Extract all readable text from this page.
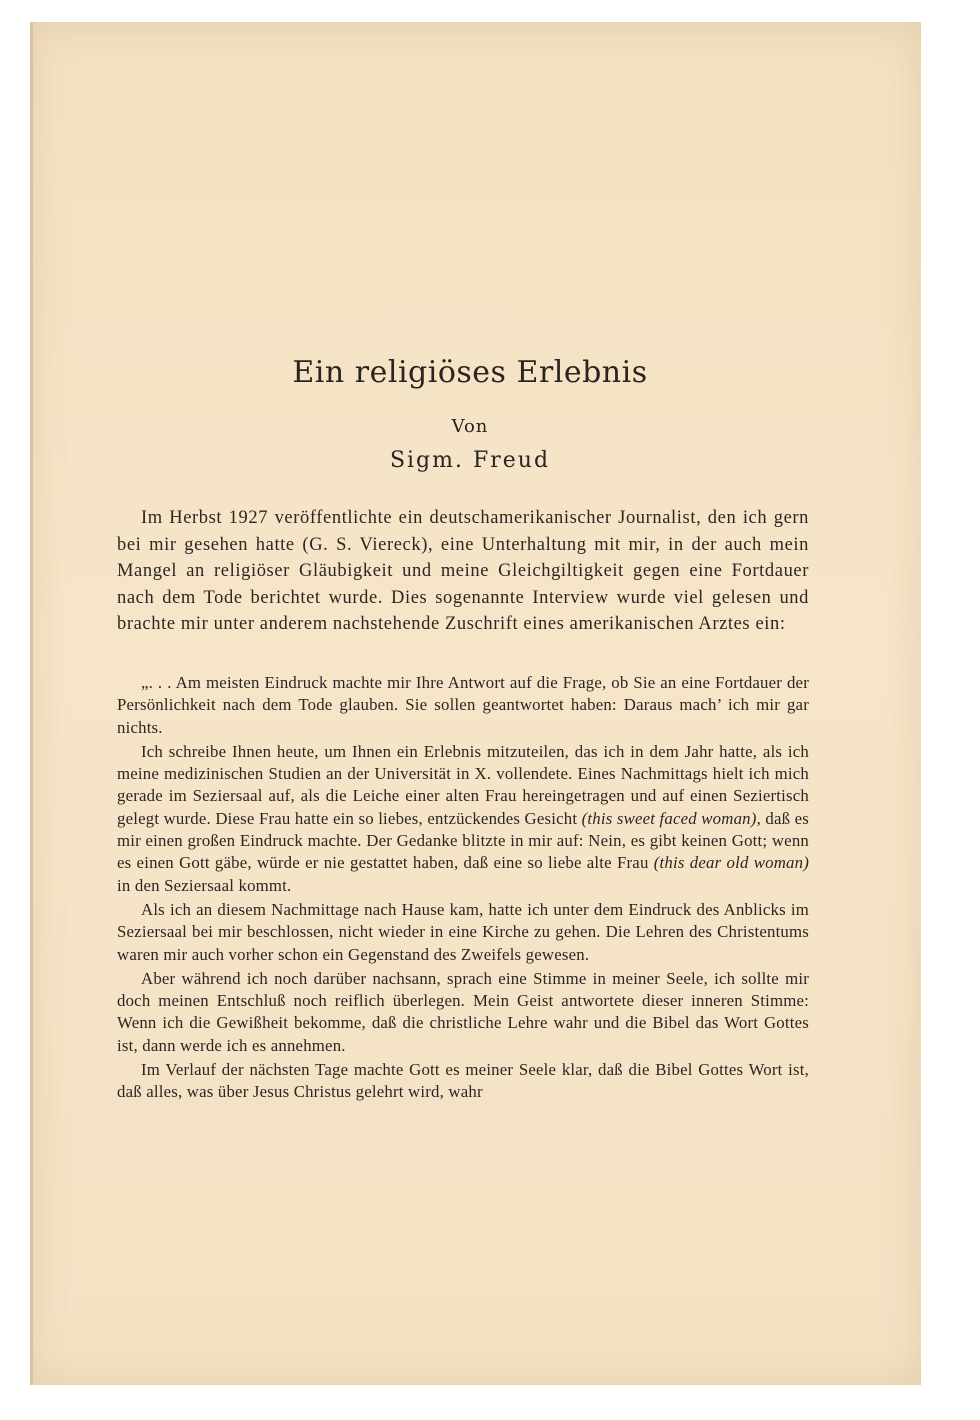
Ein religiöses Erlebnis
Von
Sigm. Freud

Im Herbst 1927 veröffentlichte ein deutschamerikanischer Journalist, den ich gern bei mir gesehen hatte (G. S. Viereck), eine Unterhaltung mit mir, in der auch mein Mangel an religiöser Gläubigkeit und meine Gleichgiltigkeit gegen eine Fortdauer nach dem Tode berichtet wurde. Dies sogenannte Interview wurde viel gelesen und brachte mir unter anderem nachstehende Zuschrift eines amerikanischen Arztes ein:

„. . . Am meisten Eindruck machte mir Ihre Antwort auf die Frage, ob Sie an eine Fortdauer der Persönlichkeit nach dem Tode glauben. Sie sollen geantwortet haben: Daraus mach’ ich mir gar nichts.

Ich schreibe Ihnen heute, um Ihnen ein Erlebnis mitzuteilen, das ich in dem Jahr hatte, als ich meine medizinischen Studien an der Universität in X. vollendete. Eines Nachmittags hielt ich mich gerade im Seziersaal auf, als die Leiche einer alten Frau hereingetragen und auf einen Seziertisch gelegt wurde. Diese Frau hatte ein so liebes, entzückendes Gesicht (this sweet faced woman), daß es mir einen großen Eindruck machte. Der Gedanke blitzte in mir auf: Nein, es gibt keinen Gott; wenn es einen Gott gäbe, würde er nie gestattet haben, daß eine so liebe alte Frau (this dear old woman) in den Seziersaal kommt.

Als ich an diesem Nachmittage nach Hause kam, hatte ich unter dem Eindruck des Anblicks im Seziersaal bei mir beschlossen, nicht wieder in eine Kirche zu gehen. Die Lehren des Christentums waren mir auch vorher schon ein Gegenstand des Zweifels gewesen.

Aber während ich noch darüber nachsann, sprach eine Stimme in meiner Seele, ich sollte mir doch meinen Entschluß noch reiflich überlegen. Mein Geist antwortete dieser inneren Stimme: Wenn ich die Gewißheit bekomme, daß die christliche Lehre wahr und die Bibel das Wort Gottes ist, dann werde ich es annehmen.

Im Verlauf der nächsten Tage machte Gott es meiner Seele klar, daß die Bibel Gottes Wort ist, daß alles, was über Jesus Christus gelehrt wird, wahr
